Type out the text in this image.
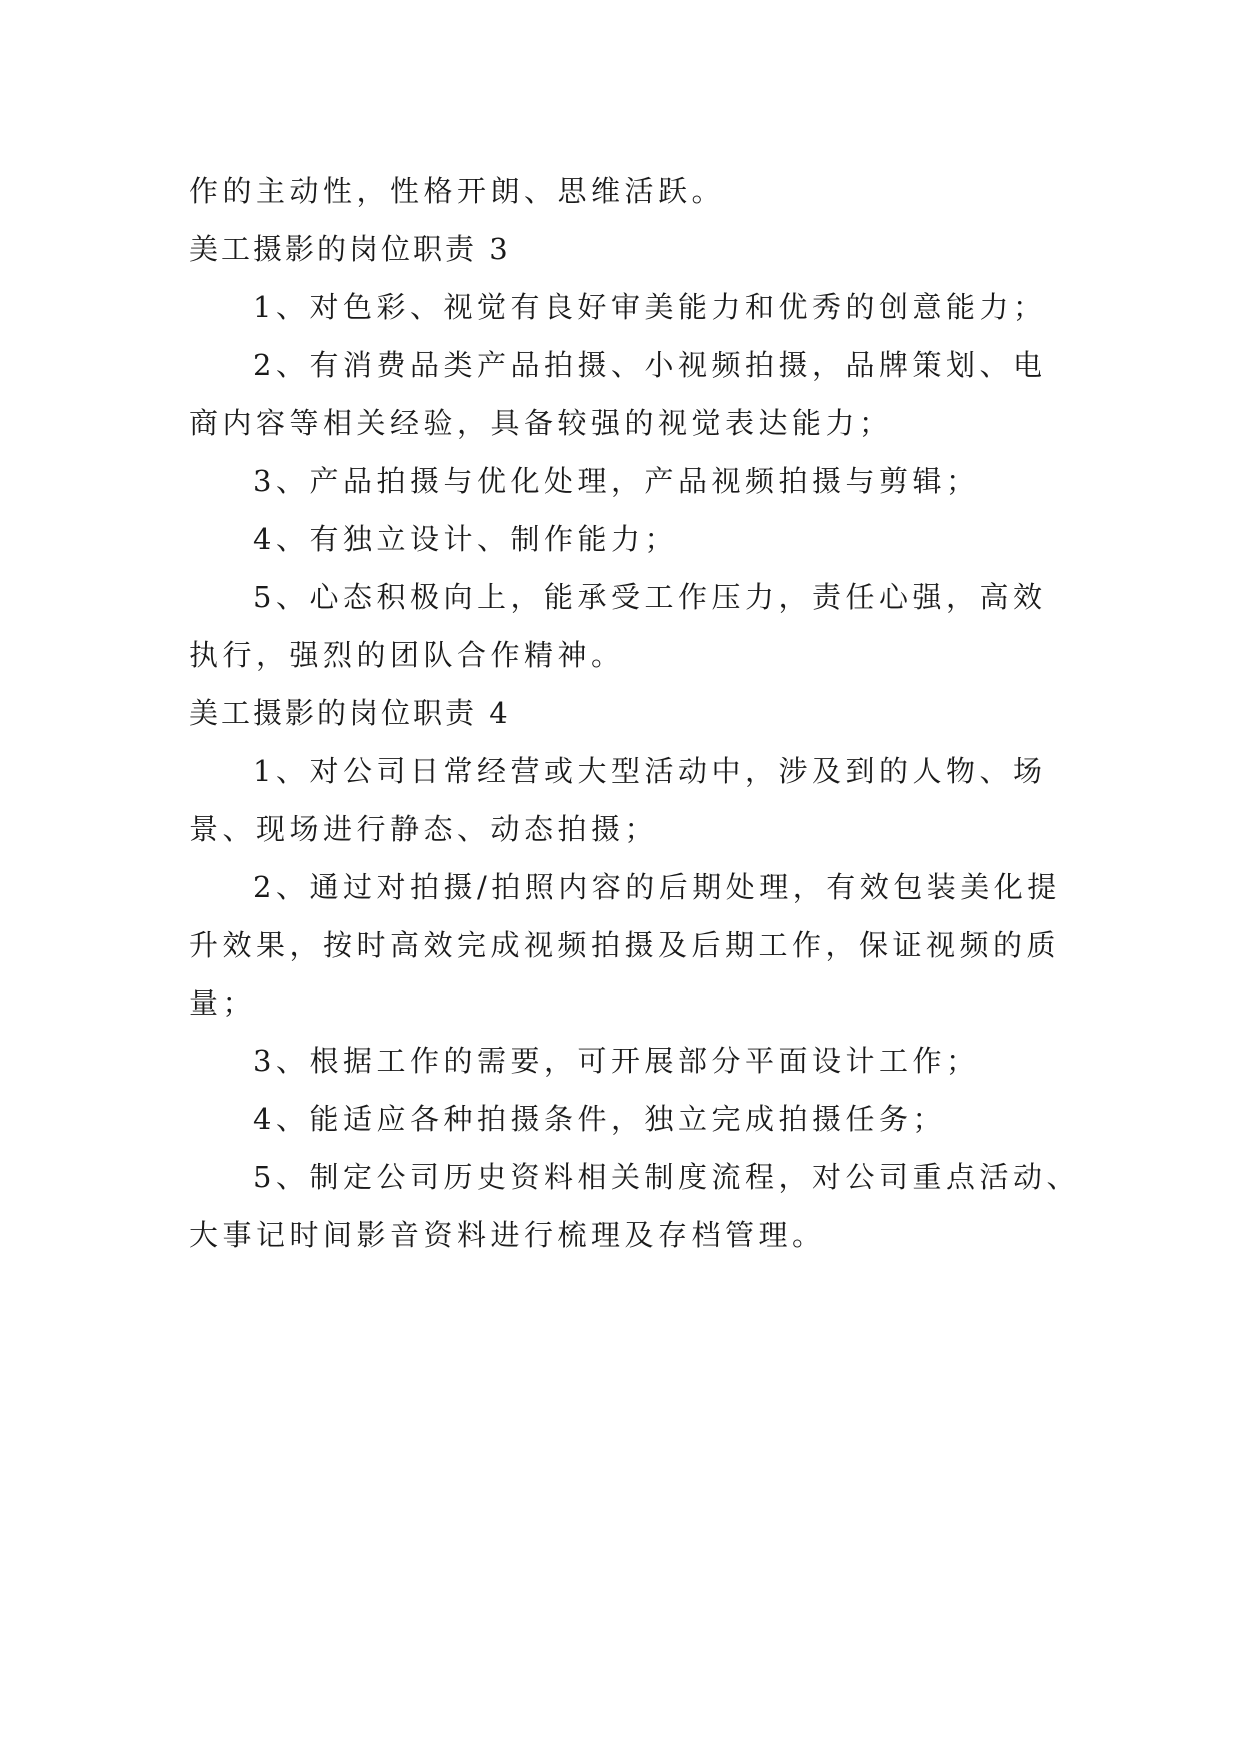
作的主动性，性格开朗、思维活跃。

美工摄影的岗位职责 3

1、对色彩、视觉有良好审美能力和优秀的创意能力；

2、有消费品类产品拍摄、小视频拍摄，品牌策划、电

商内容等相关经验，具备较强的视觉表达能力；

3、产品拍摄与优化处理，产品视频拍摄与剪辑；

4、有独立设计、制作能力；

5、心态积极向上，能承受工作压力，责任心强，高效

执行，强烈的团队合作精神。

美工摄影的岗位职责 4

1、对公司日常经营或大型活动中，涉及到的人物、场

景、现场进行静态、动态拍摄；

2、通过对拍摄/拍照内容的后期处理，有效包装美化提

升效果，按时高效完成视频拍摄及后期工作，保证视频的质

量；

3、根据工作的需要，可开展部分平面设计工作；

4、能适应各种拍摄条件，独立完成拍摄任务；

5、制定公司历史资料相关制度流程，对公司重点活动、

大事记时间影音资料进行梳理及存档管理。
